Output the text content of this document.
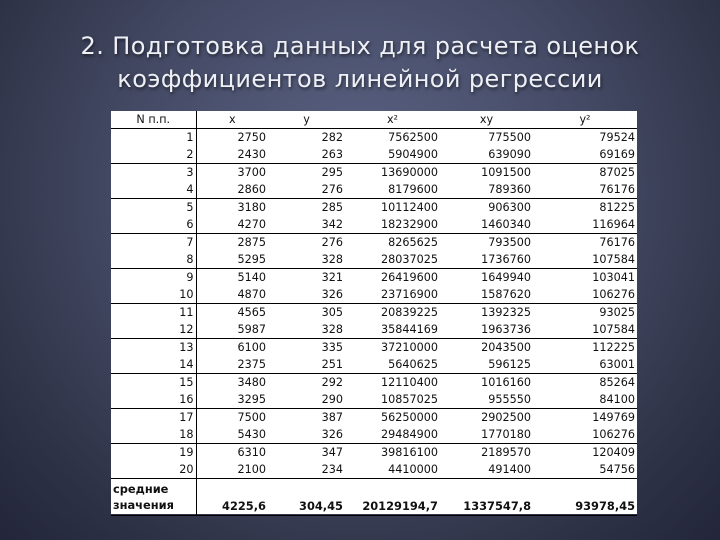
2. Подготовка данных для расчета оценок
коэффициентов линейной регрессии
N п.п.	x	y	x²	xy	y²
1	2750	282	7562500	775500	79524
2	2430	263	5904900	639090	69169
3	3700	295	13690000	1091500	87025
4	2860	276	8179600	789360	76176
5	3180	285	10112400	906300	81225
6	4270	342	18232900	1460340	116964
7	2875	276	8265625	793500	76176
8	5295	328	28037025	1736760	107584
9	5140	321	26419600	1649940	103041
10	4870	326	23716900	1587620	106276
11	4565	305	20839225	1392325	93025
12	5987	328	35844169	1963736	107584
13	6100	335	37210000	2043500	112225
14	2375	251	5640625	596125	63001
15	3480	292	12110400	1016160	85264
16	3295	290	10857025	955550	84100
17	7500	387	56250000	2902500	149769
18	5430	326	29484900	1770180	106276
19	6310	347	39816100	2189570	120409
20	2100	234	4410000	491400	54756
средние значения	4225,6	304,45	20129194,7	1337547,8	93978,45
